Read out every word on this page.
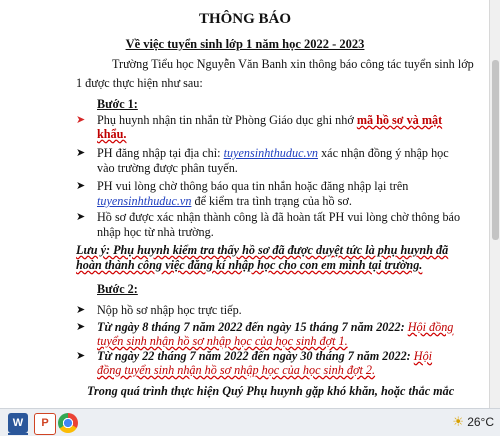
THÔNG BÁO
Về việc tuyển sinh lớp 1 năm học 2022 - 2023
Trường Tiểu học Nguyễn Văn Banh xin thông báo công tác tuyển sinh lớp
1 được thực hiện như sau:
Bước 1:
➤ Phụ huynh nhận tin nhắn từ Phòng Giáo dục ghi nhớ mã hồ sơ và mật
khẩu.
➤ PH đăng nhập tại địa chỉ: tuyensinhthuduc.vn xác nhận đồng ý nhập học
vào trường được phân tuyến.
➤ PH vui lòng chờ thông báo qua tin nhắn hoặc đăng nhập lại trên
tuyensinhthuduc.vn để kiểm tra tình trạng của hồ sơ.
➤ Hồ sơ được xác nhận thành công là đã hoàn tất PH vui lòng chờ thông báo
nhập học từ nhà trường.
Lưu ý: Phụ huynh kiểm tra thấy hồ sơ đã được duyệt tức là phụ huynh đã
hoàn thành công việc đăng kí nhập học cho con em mình tại trường.
Bước 2:
➤ Nộp hồ sơ nhập học trực tiếp.
➤ Từ ngày 8 tháng 7 năm 2022 đến ngày 15 tháng 7 năm 2022: Hội đồng
tuyển sinh nhận hồ sơ nhập học của học sinh đợt 1.
➤ Từ ngày 22 tháng 7 năm 2022 đến ngày 30 tháng 7 năm 2022: Hội
đồng tuyển sinh nhận hồ sơ nhập học của học sinh đợt 2.
Trong quá trình thực hiện Quý Phụ huynh gặp khó khăn, hoặc thắc mắc
W	P	☀ 26°C
